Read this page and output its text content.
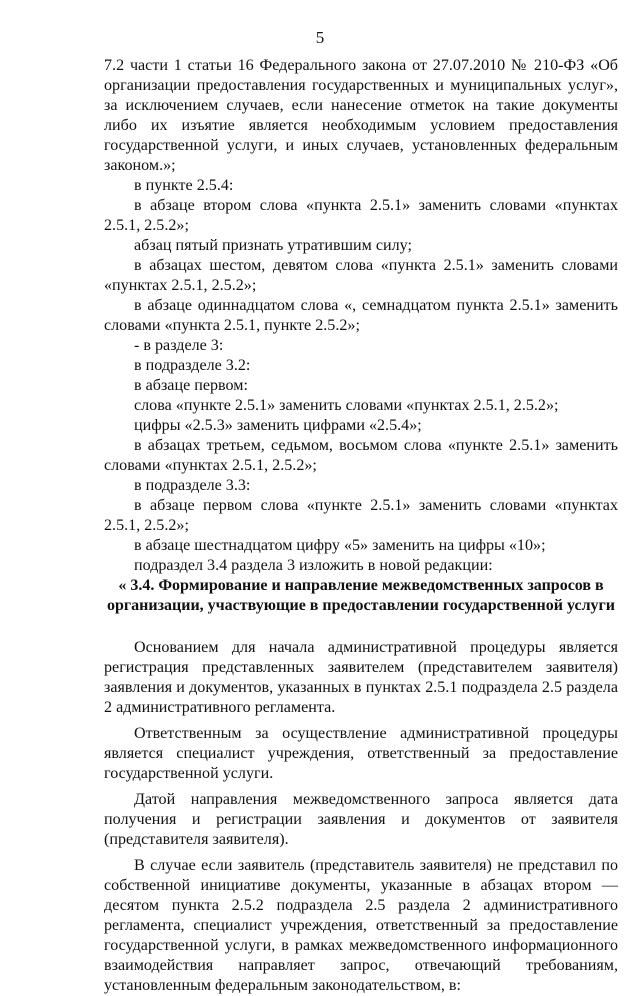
5

7.2 части 1 статьи 16 Федерального закона от 27.07.2010 № 210-ФЗ «Об организации предоставления государственных и муниципальных услуг», за исключением случаев, если нанесение отметок на такие документы либо их изъятие является необходимым условием предоставления государственной услуги, и иных случаев, установленных федеральным законом.»;

в пункте 2.5.4:

в абзаце втором слова «пункта 2.5.1» заменить словами «пунктах 2.5.1, 2.5.2»;

абзац пятый признать утратившим силу;

в абзацах шестом, девятом слова «пункта 2.5.1» заменить словами «пунктах 2.5.1, 2.5.2»;

в абзаце одиннадцатом слова «, семнадцатом пункта 2.5.1» заменить словами «пункта 2.5.1, пункте 2.5.2»;

- в разделе 3:

в подразделе 3.2:

в абзаце первом:

слова «пункте 2.5.1» заменить словами «пунктах 2.5.1, 2.5.2»;

цифры «2.5.3» заменить цифрами «2.5.4»;

в абзацах третьем, седьмом, восьмом слова «пункте 2.5.1» заменить словами «пунктах 2.5.1, 2.5.2»;

в подразделе 3.3:

в абзаце первом слова «пункте 2.5.1» заменить словами «пунктах 2.5.1, 2.5.2»;

в абзаце шестнадцатом цифру «5» заменить на цифры «10»;

подраздел 3.4 раздела 3 изложить в новой редакции:

« 3.4. Формирование и направление межведомственных запросов в организации, участвующие в предоставлении государственной услуги

Основанием для начала административной процедуры является регистрация представленных заявителем (представителем заявителя) заявления и документов, указанных в пунктах 2.5.1 подраздела 2.5 раздела 2 административного регламента.

Ответственным за осуществление административной процедуры является специалист учреждения, ответственный за предоставление государственной услуги.

Датой направления межведомственного запроса является дата получения и регистрации заявления и документов от заявителя (представителя заявителя).

В случае если заявитель (представитель заявителя) не представил по собственной инициативе документы, указанные в абзацах втором — десятом пункта 2.5.2 подраздела 2.5 раздела 2 административного регламента, специалист учреждения, ответственный за предоставление государственной услуги, в рамках межведомственного информационного взаимодействия направляет запрос, отвечающий требованиям, установленным федеральным законодательством, в:
